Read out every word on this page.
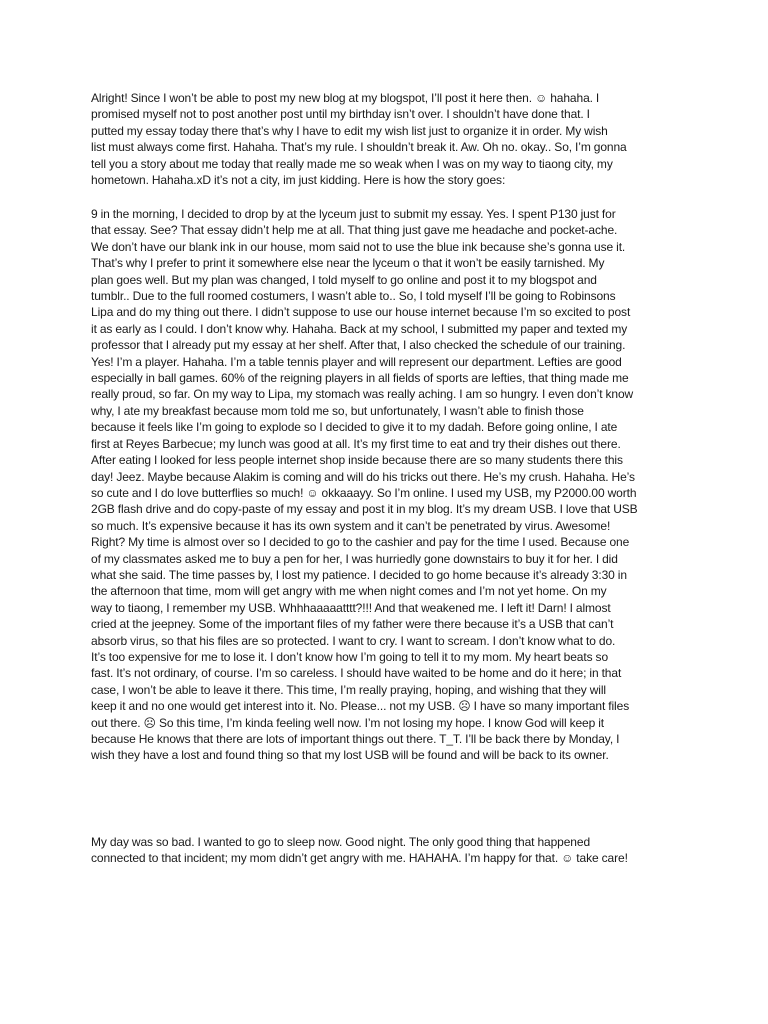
Alright! Since I won’t be able to post my new blog at my blogspot, I’ll post it here then. ☺ hahaha. I
promised myself not to post another post until my birthday isn’t over. I shouldn’t have done that. I
putted my essay today there that’s why I have to edit my wish list just to organize it in order. My wish
list must always come first. Hahaha. That’s my rule. I shouldn’t break it. Aw. Oh no. okay.. So, I’m gonna
tell you a story about me today that really made me so weak when I was on my way to tiaong city, my
hometown. Hahaha.xD it’s not a city, im just kidding. Here is how the story goes:

9 in the morning, I decided to drop by at the lyceum just to submit my essay. Yes. I spent P130 just for
that essay. See? That essay didn’t help me at all. That thing just gave me headache and pocket-ache.
We don’t have our blank ink in our house, mom said not to use the blue ink because she’s gonna use it.
That’s why I prefer to print it somewhere else near the lyceum o that it won’t be easily tarnished. My
plan goes well. But my plan was changed, I told myself to go online and post it to my blogspot and
tumblr.. Due to the full roomed costumers, I wasn’t able to.. So, I told myself I’ll be going to Robinsons
Lipa and do my thing out there. I didn’t suppose to use our house internet because I’m so excited to post
it as early as I could. I don’t know why. Hahaha. Back at my school, I submitted my paper and texted my
professor that I already put my essay at her shelf. After that, I also checked the schedule of our training.
Yes! I’m a player. Hahaha. I’m a table tennis player and will represent our department. Lefties are good
especially in ball games. 60% of the reigning players in all fields of sports are lefties, that thing made me
really proud, so far. On my way to Lipa, my stomach was really aching. I am so hungry. I even don’t know
why, I ate my breakfast because mom told me so, but unfortunately, I wasn’t able to finish those
because it feels like I’m going to explode so I decided to give it to my dadah. Before going online, I ate
first at Reyes Barbecue; my lunch was good at all. It’s my first time to eat and try their dishes out there.
After eating I looked for less people internet shop inside because there are so many students there this
day! Jeez. Maybe because Alakim is coming and will do his tricks out there. He’s my crush. Hahaha. He’s
so cute and I do love butterflies so much! ☺ okkaaayy. So I’m online. I used my USB, my P2000.00 worth
2GB flash drive and do copy-paste of my essay and post it in my blog. It’s my dream USB. I love that USB
so much. It’s expensive because it has its own system and it can’t be penetrated by virus. Awesome!
Right? My time is almost over so I decided to go to the cashier and pay for the time I used. Because one
of my classmates asked me to buy a pen for her, I was hurriedly gone downstairs to buy it for her. I did
what she said. The time passes by, I lost my patience. I decided to go home because it’s already 3:30 in
the afternoon that time, mom will get angry with me when night comes and I’m not yet home. On my
way to tiaong, I remember my USB. Whhhaaaaatttt?!!! And that weakened me. I left it! Darn! I almost
cried at the jeepney. Some of the important files of my father were there because it’s a USB that can’t
absorb virus, so that his files are so protected. I want to cry. I want to scream. I don’t know what to do.
It’s too expensive for me to lose it. I don’t know how I’m going to tell it to my mom. My heart beats so
fast. It’s not ordinary, of course. I’m so careless. I should have waited to be home and do it here; in that
case, I won’t be able to leave it there. This time, I’m really praying, hoping, and wishing that they will
keep it and no one would get interest into it. No. Please... not my USB. ☹ I have so many important files
out there. ☹ So this time, I’m kinda feeling well now. I’m not losing my hope. I know God will keep it
because He knows that there are lots of important things out there. T_T. I’ll be back there by Monday, I
wish they have a lost and found thing so that my lost USB will be found and will be back to its owner.

My day was so bad. I wanted to go to sleep now. Good night. The only good thing that happened
connected to that incident; my mom didn’t get angry with me. HAHAHA. I’m happy for that. ☺ take care!
